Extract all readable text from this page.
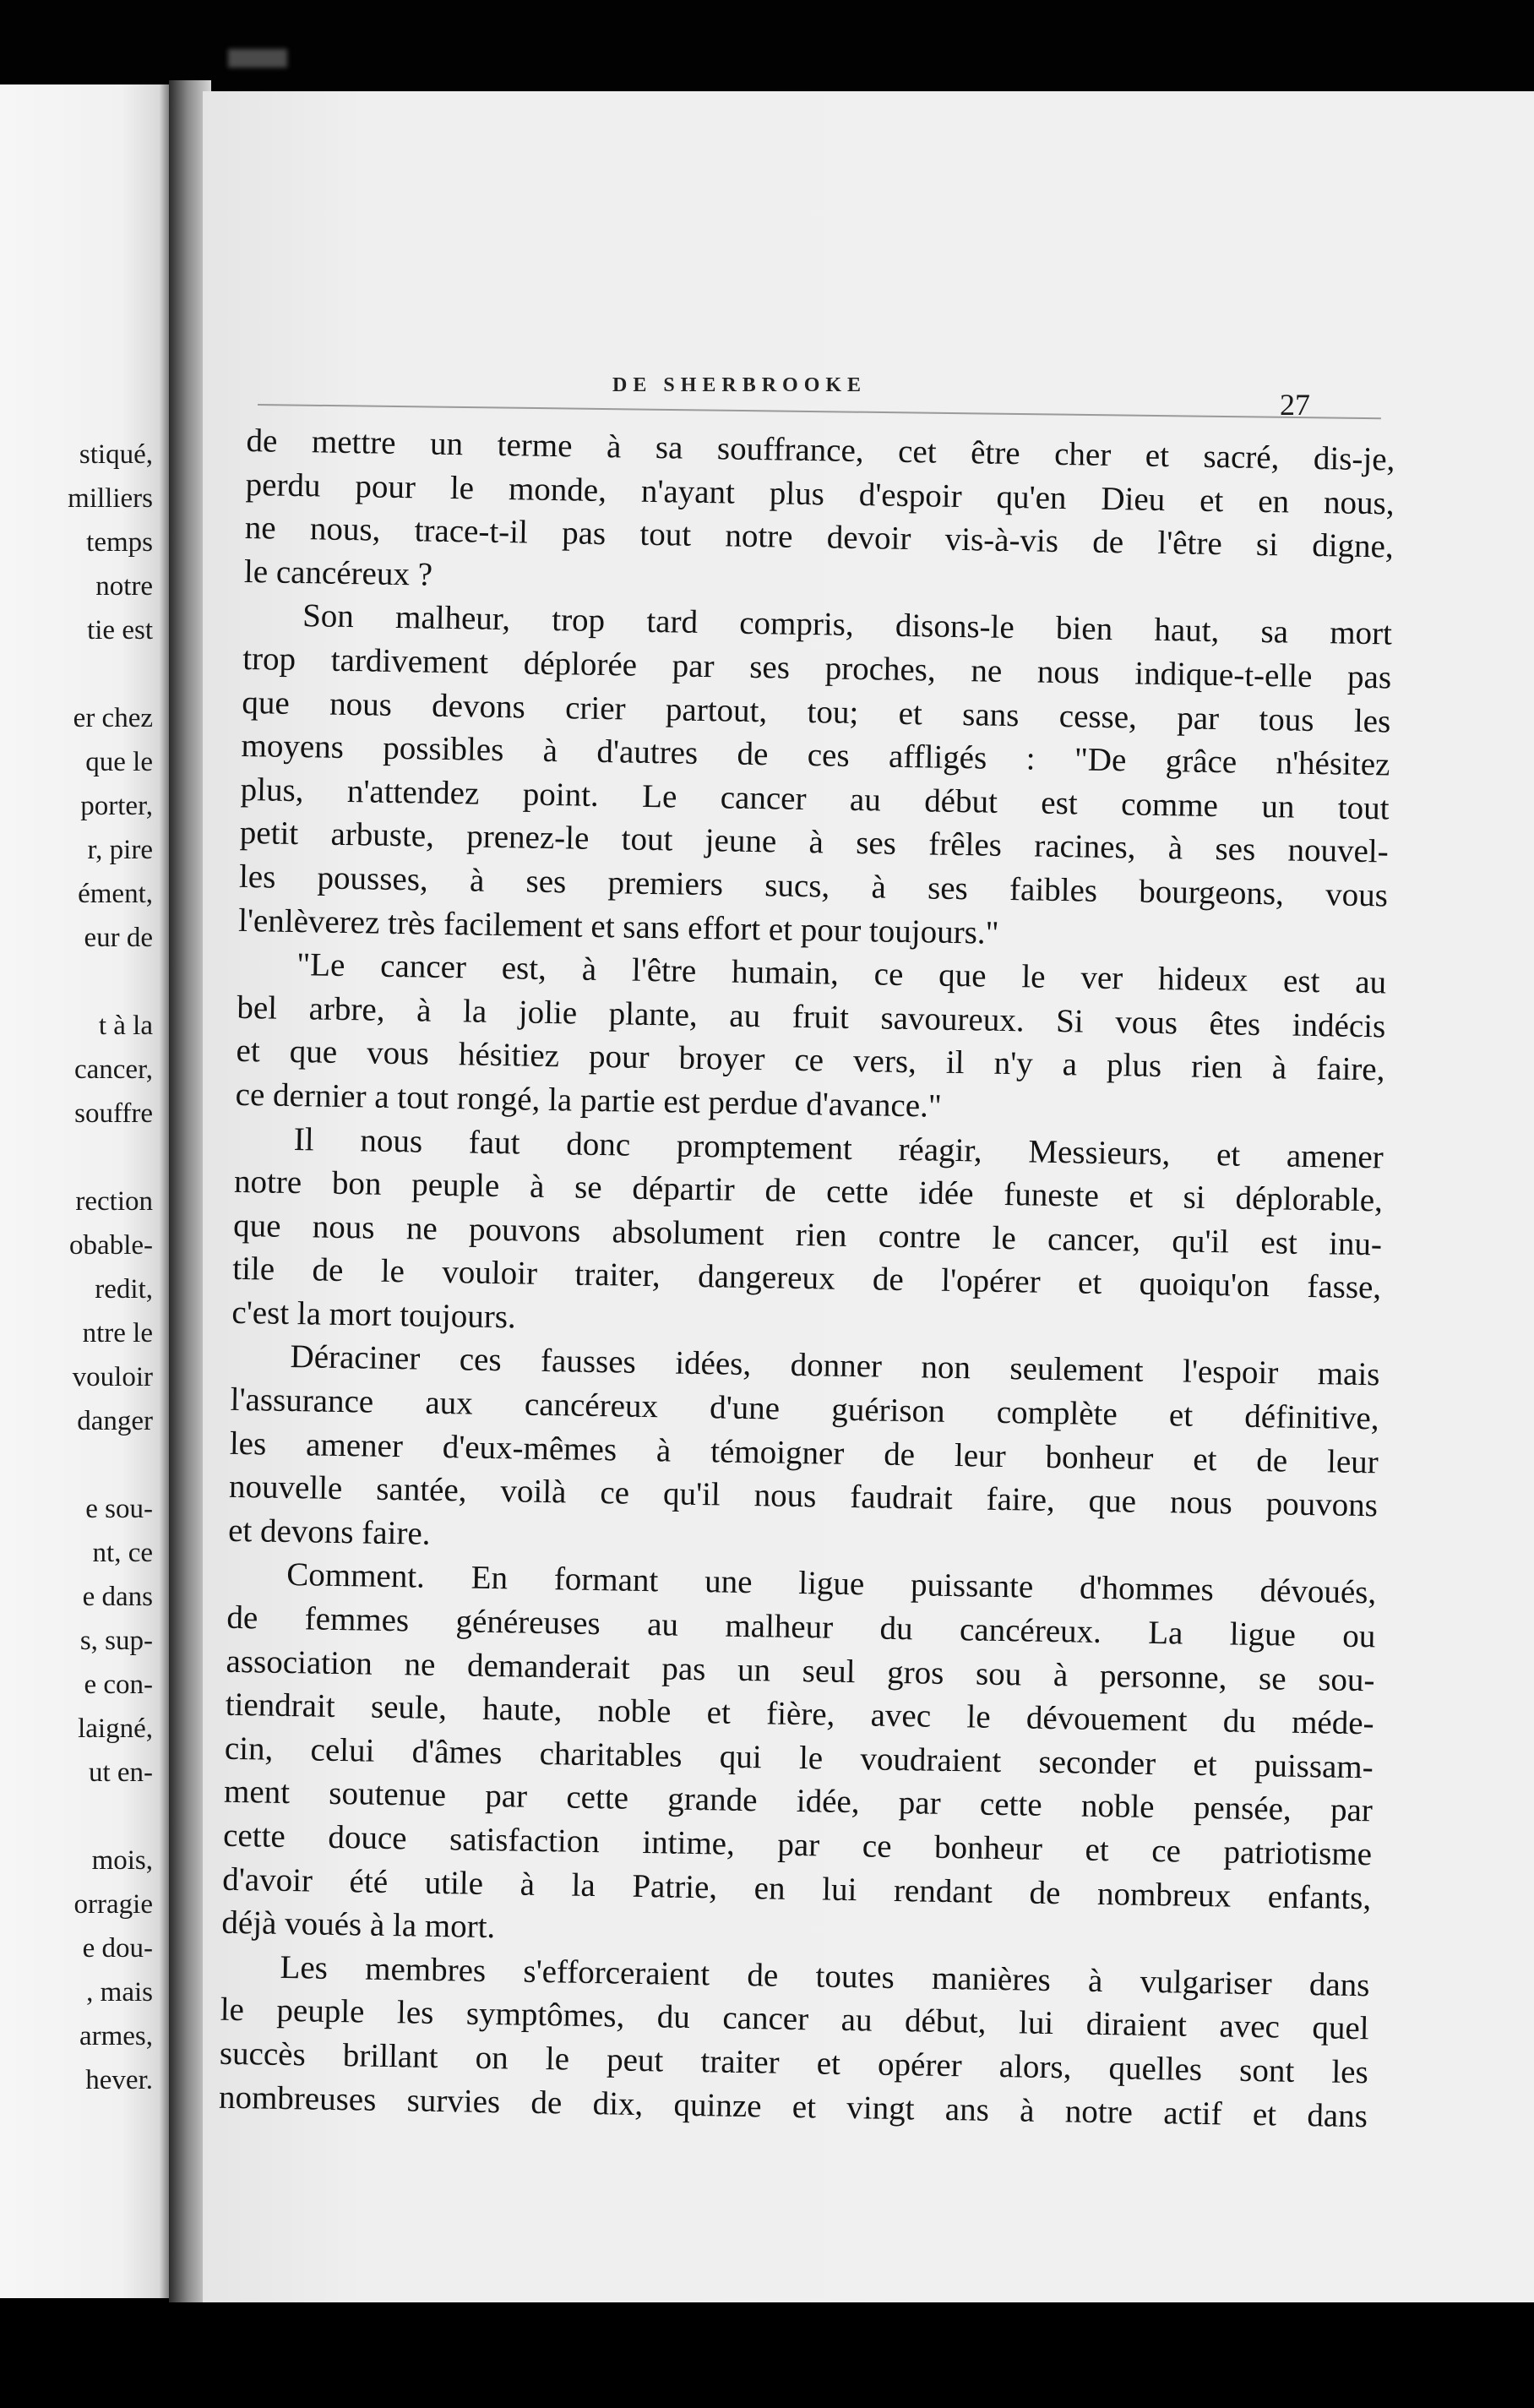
stiqué,

milliers

temps

notre

tie est

er chez

que le

porter,

r, pire

ément,

eur de

t à la

cancer,

souffre

rection

obable-

redit,

ntre le

vouloir

danger

e sou-

nt, ce

e dans

s, sup-

e con-

laigné,

ut en-

mois,

orragie

e dou-

, mais

armes,

hever.

DE SHERBROOKE

27

de mettre un terme à sa souffrance, cet être cher et sacré, dis-je,

perdu pour le monde, n'ayant plus d'espoir qu'en Dieu et en nous,

ne nous, trace-t-il pas tout notre devoir vis-à-vis de l'être si digne,

le cancéreux ?

Son malheur, trop tard compris, disons-le bien haut, sa mort

trop tardivement déplorée par ses proches, ne nous indique-t-elle pas

que nous devons crier partout, tou; et sans cesse, par tous les

moyens possibles à d'autres de ces affligés : "De grâce n'hésitez

plus, n'attendez point. Le cancer au début est comme un tout

petit arbuste, prenez-le tout jeune à ses frêles racines, à ses nouvel-

les pousses, à ses premiers sucs, à ses faibles bourgeons, vous

l'enlèverez très facilement et sans effort et pour toujours."

"Le cancer est, à l'être humain, ce que le ver hideux est au

bel arbre, à la jolie plante, au fruit savoureux. Si vous êtes indécis

et que vous hésitiez pour broyer ce vers, il n'y a plus rien à faire,

ce dernier a tout rongé, la partie est perdue d'avance."

Il nous faut donc promptement réagir, Messieurs, et amener

notre bon peuple à se départir de cette idée funeste et si déplorable,

que nous ne pouvons absolument rien contre le cancer, qu'il est inu-

tile de le vouloir traiter, dangereux de l'opérer et quoiqu'on fasse,

c'est la mort toujours.

Déraciner ces fausses idées, donner non seulement l'espoir mais

l'assurance aux cancéreux d'une guérison complète et définitive,

les amener d'eux-mêmes à témoigner de leur bonheur et de leur

nouvelle santée, voilà ce qu'il nous faudrait faire, que nous pouvons

et devons faire.

Comment. En formant une ligue puissante d'hommes dévoués,

de femmes généreuses au malheur du cancéreux. La ligue ou

association ne demanderait pas un seul gros sou à personne, se sou-

tiendrait seule, haute, noble et fière, avec le dévouement du méde-

cin, celui d'âmes charitables qui le voudraient seconder et puissam-

ment soutenue par cette grande idée, par cette noble pensée, par

cette douce satisfaction intime, par ce bonheur et ce patriotisme

d'avoir été utile à la Patrie, en lui rendant de nombreux enfants,

déjà voués à la mort.

Les membres s'efforceraient de toutes manières à vulgariser dans

le peuple les symptômes, du cancer au début, lui diraient avec quel

succès brillant on le peut traiter et opérer alors, quelles sont les

nombreuses survies de dix, quinze et vingt ans à notre actif et dans
